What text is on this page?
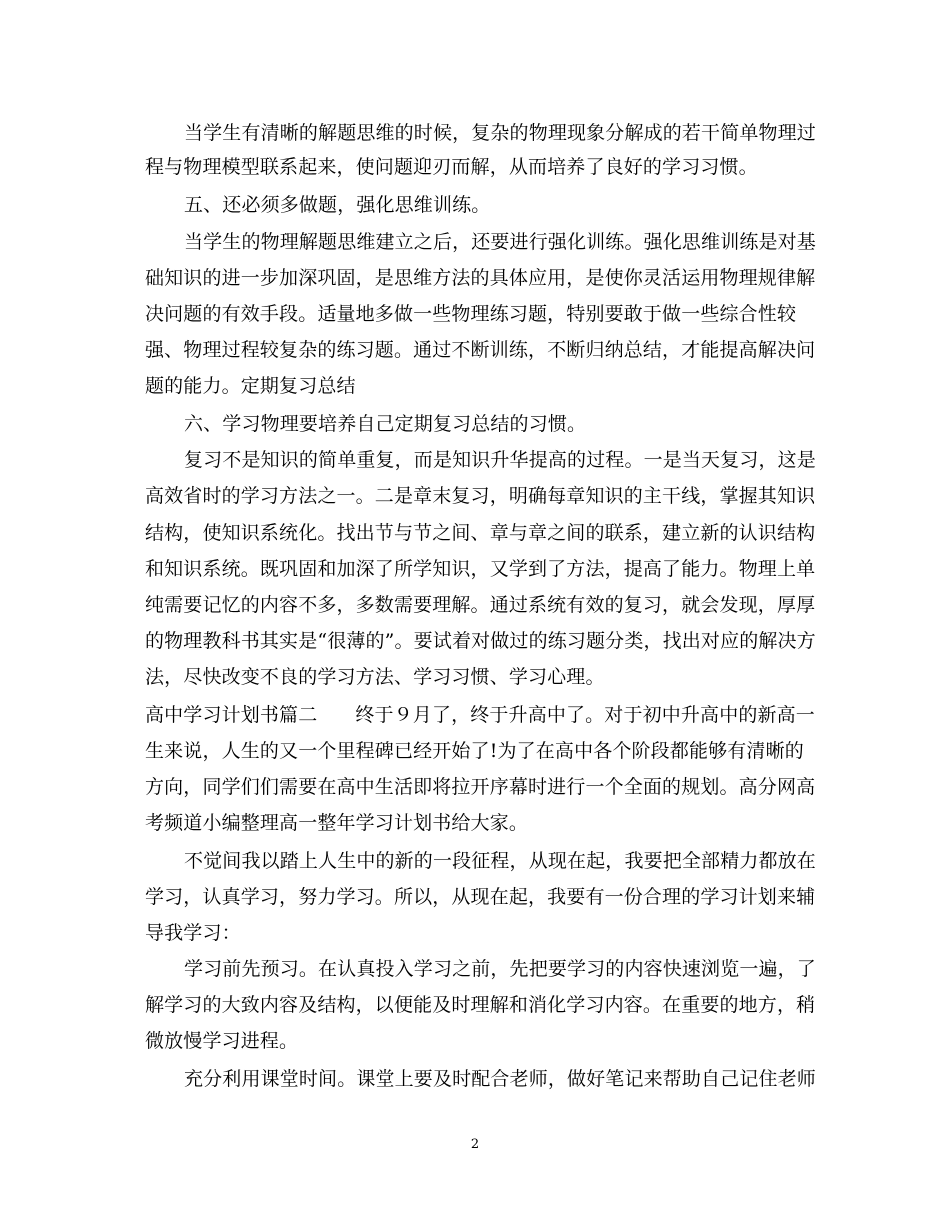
当学生有清晰的解题思维的时候，复杂的物理现象分解成的若干简单物理过
程与物理模型联系起来，使问题迎刃而解，从而培养了良好的学习习惯。
五、还必须多做题，强化思维训练。
当学生的物理解题思维建立之后，还要进行强化训练。强化思维训练是对基
础知识的进一步加深巩固，是思维方法的具体应用，是使你灵活运用物理规律解
决问题的有效手段。适量地多做一些物理练习题，特别要敢于做一些综合性较
强、物理过程较复杂的练习题。通过不断训练，不断归纳总结，才能提高解决问
题的能力。定期复习总结
六、学习物理要培养自己定期复习总结的习惯。
复习不是知识的简单重复，而是知识升华提高的过程。一是当天复习，这是
高效省时的学习方法之一。二是章末复习，明确每章知识的主干线，掌握其知识
结构，使知识系统化。找出节与节之间、章与章之间的联系，建立新的认识结构
和知识系统。既巩固和加深了所学知识，又学到了方法，提高了能力。物理上单
纯需要记忆的内容不多，多数需要理解。通过系统有效的复习，就会发现，厚厚
的物理教科书其实是“很薄的”。要试着对做过的练习题分类，找出对应的解决方
法，尽快改变不良的学习方法、学习习惯、学习心理。
高中学习计划书篇二 终于９月了，终于升高中了。对于初中升高中的新高一
生来说，人生的又一个里程碑已经开始了!为了在高中各个阶段都能够有清晰的
方向，同学们们需要在高中生活即将拉开序幕时进行一个全面的规划。高分网高
考频道小编整理高一整年学习计划书给大家。
不觉间我以踏上人生中的新的一段征程，从现在起，我要把全部精力都放在
学习，认真学习，努力学习。所以，从现在起，我要有一份合理的学习计划来辅
导我学习：
学习前先预习。在认真投入学习之前，先把要学习的内容快速浏览一遍，了
解学习的大致内容及结构，以便能及时理解和消化学习内容。在重要的地方，稍
微放慢学习进程。
充分利用课堂时间。课堂上要及时配合老师，做好笔记来帮助自己记住老师
2
